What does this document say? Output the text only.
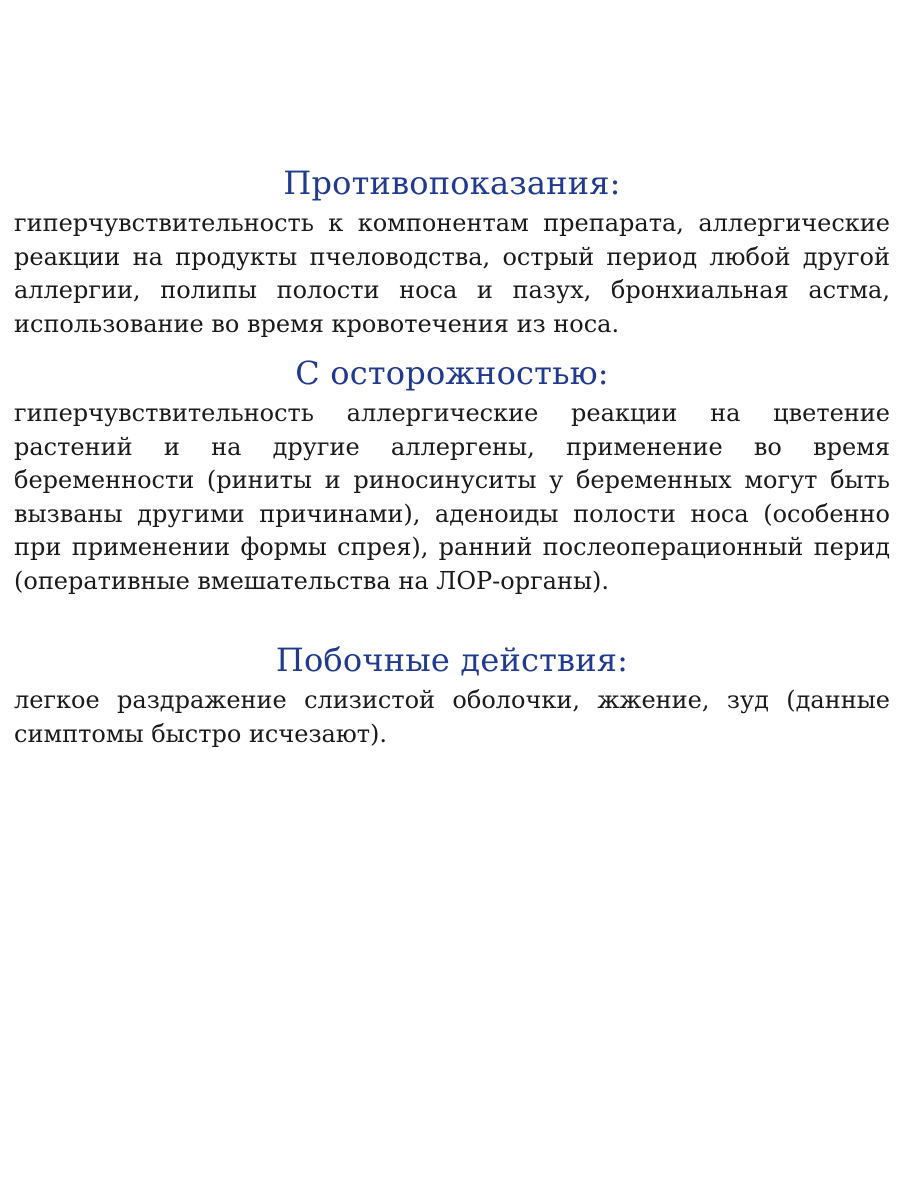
Противопоказания:

гиперчувствительность к компонентам препарата, аллергические реакции на продукты пчеловодства, острый период любой другой аллергии, полипы полости носа и пазух, бронхиальная астма, использование во время кровотечения из носа.

С осторожностью:

гиперчувствительность аллергические реакции на цветение растений и на другие аллергены, применение во время беременности (риниты и риносинуситы у беременных могут быть вызваны другими причинами), аденоиды полости носа (особенно при применении формы спрея), ранний послеоперационный перид (оперативные вмешательства на ЛОР-органы).

Побочные действия:

легкое раздражение слизистой оболочки, жжение, зуд (данные симптомы быстро исчезают).
